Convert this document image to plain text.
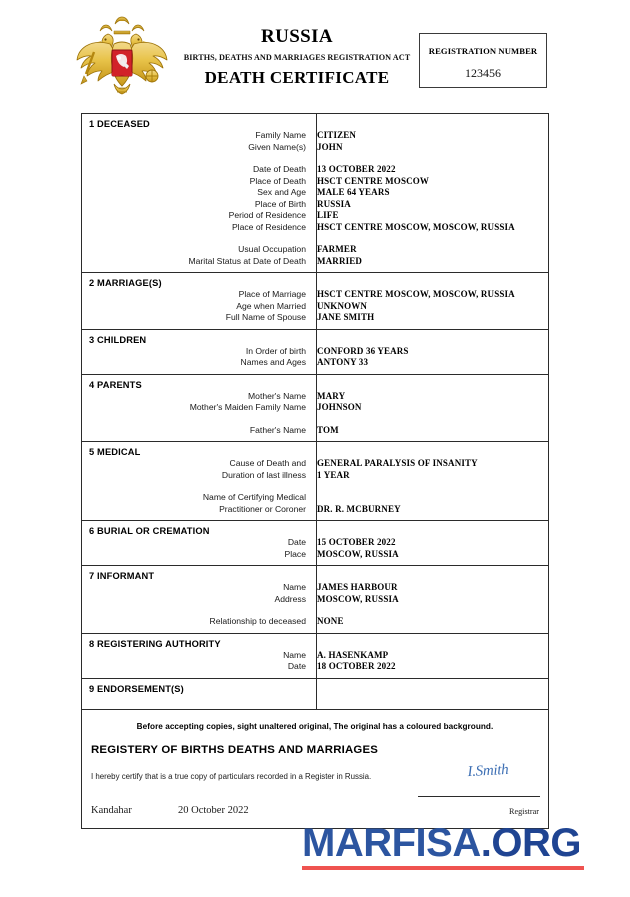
RUSSIA
BIRTHS, DEATHS AND MARRIAGES REGISTRATION ACT
DEATH CERTIFICATE
REGISTRATION NUMBER
123456
1 DECEASED
Family Name	CITIZEN
Given Name(s)	JOHN
Date of Death	13 OCTOBER 2022
Place of Death	HSCT CENTRE MOSCOW
Sex and Age	MALE 64 YEARS
Place of Birth	RUSSIA
Period of Residence	LIFE
Place of Residence	HSCT CENTRE MOSCOW, MOSCOW, RUSSIA
Usual Occupation	FARMER
Marital Status at Date of Death	MARRIED
2 MARRIAGE(S)
Place of Marriage	HSCT CENTRE MOSCOW, MOSCOW, RUSSIA
Age when Married	UNKNOWN
Full Name of Spouse	JANE SMITH
3 CHILDREN
In Order of birth	CONFORD 36 YEARS
Names and Ages	ANTONY 33
4 PARENTS
Mother's Name	MARY
Mother's Maiden Family Name	JOHNSON
Father's Name	TOM
5 MEDICAL
Cause of Death and	GENERAL PARALYSIS OF INSANITY
Duration of last illness	1 YEAR
Name of Certifying Medical
Practitioner or Coroner	DR. R. MCBURNEY
6 BURIAL OR CREMATION
Date	15 OCTOBER 2022
Place	MOSCOW, RUSSIA
7 INFORMANT
Name	JAMES HARBOUR
Address	MOSCOW, RUSSIA
Relationship to deceased	NONE
8 REGISTERING AUTHORITY
Name	A. HASENKAMP
Date	18 OCTOBER 2022
9 ENDORSEMENT(S)
Before accepting copies, sight unaltered original, The original has a coloured background.
REGISTERY OF BIRTHS DEATHS AND MARRIAGES
I hereby certify that is a true copy of particulars recorded in a Register in Russia.	I.Smith
Kandahar	20 October 2022	Registrar
MARFISA.ORG
